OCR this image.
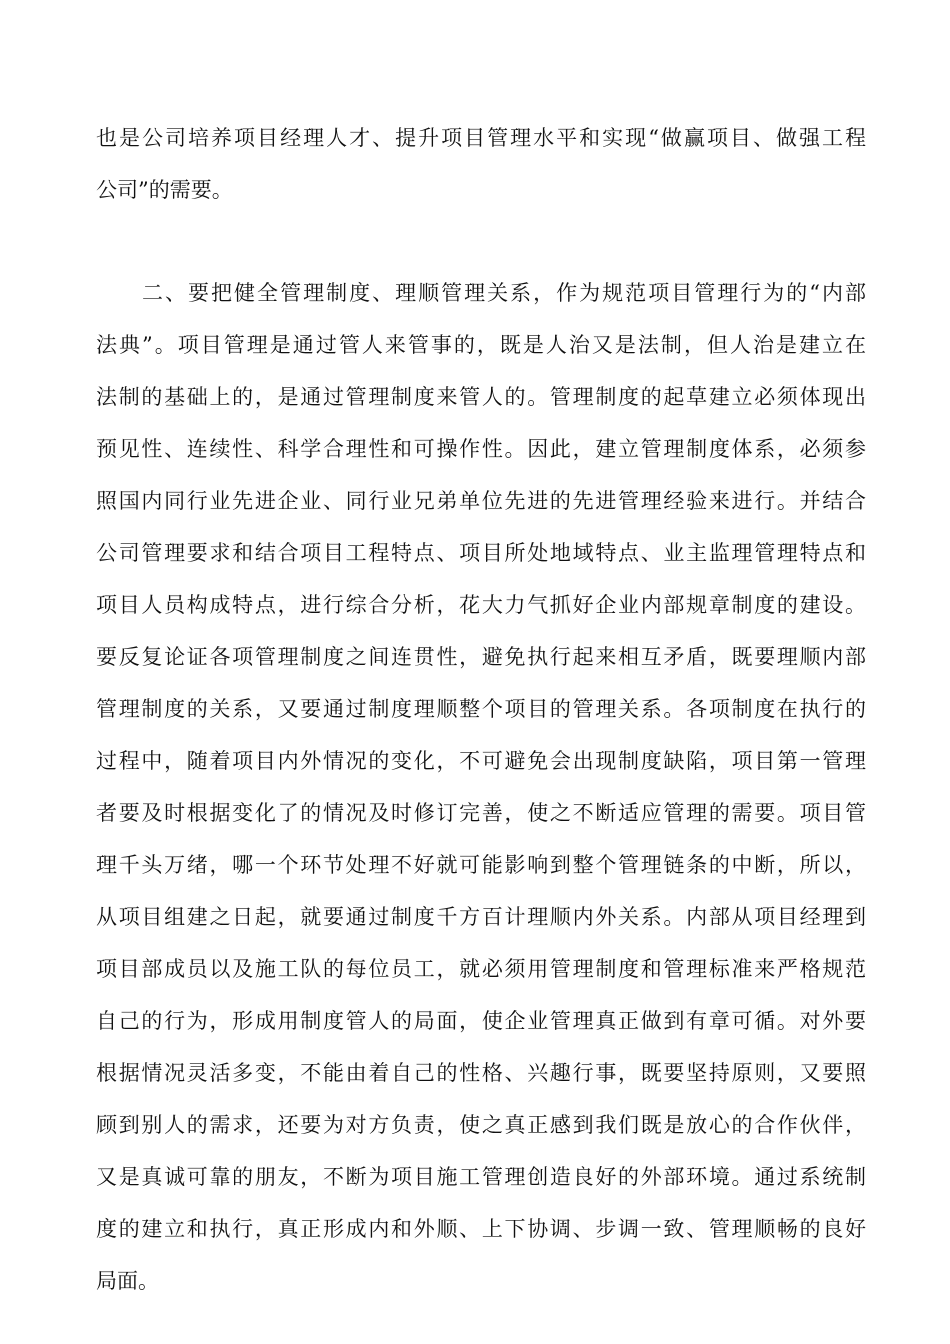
也是公司培养项目经理人才、提升项目管理水平和实现“做赢项目、做强工程
公司”的需要。
　　二、要把健全管理制度、理顺管理关系，作为规范项目管理行为的“内部
法典”。项目管理是通过管人来管事的，既是人治又是法制，但人治是建立在
法制的基础上的，是通过管理制度来管人的。管理制度的起草建立必须体现出
预见性、连续性、科学合理性和可操作性。因此，建立管理制度体系，必须参
照国内同行业先进企业、同行业兄弟单位先进的先进管理经验来进行。并结合
公司管理要求和结合项目工程特点、项目所处地域特点、业主监理管理特点和
项目人员构成特点，进行综合分析，花大力气抓好企业内部规章制度的建设。
要反复论证各项管理制度之间连贯性，避免执行起来相互矛盾，既要理顺内部
管理制度的关系，又要通过制度理顺整个项目的管理关系。各项制度在执行的
过程中，随着项目内外情况的变化，不可避免会出现制度缺陷，项目第一管理
者要及时根据变化了的情况及时修订完善，使之不断适应管理的需要。项目管
理千头万绪，哪一个环节处理不好就可能影响到整个管理链条的中断，所以，
从项目组建之日起，就要通过制度千方百计理顺内外关系。内部从项目经理到
项目部成员以及施工队的每位员工，就必须用管理制度和管理标准来严格规范
自己的行为，形成用制度管人的局面，使企业管理真正做到有章可循。对外要
根据情况灵活多变，不能由着自己的性格、兴趣行事，既要坚持原则，又要照
顾到别人的需求，还要为对方负责，使之真正感到我们既是放心的合作伙伴，
又是真诚可靠的朋友，不断为项目施工管理创造良好的外部环境。通过系统制
度的建立和执行，真正形成内和外顺、上下协调、步调一致、管理顺畅的良好
局面。
